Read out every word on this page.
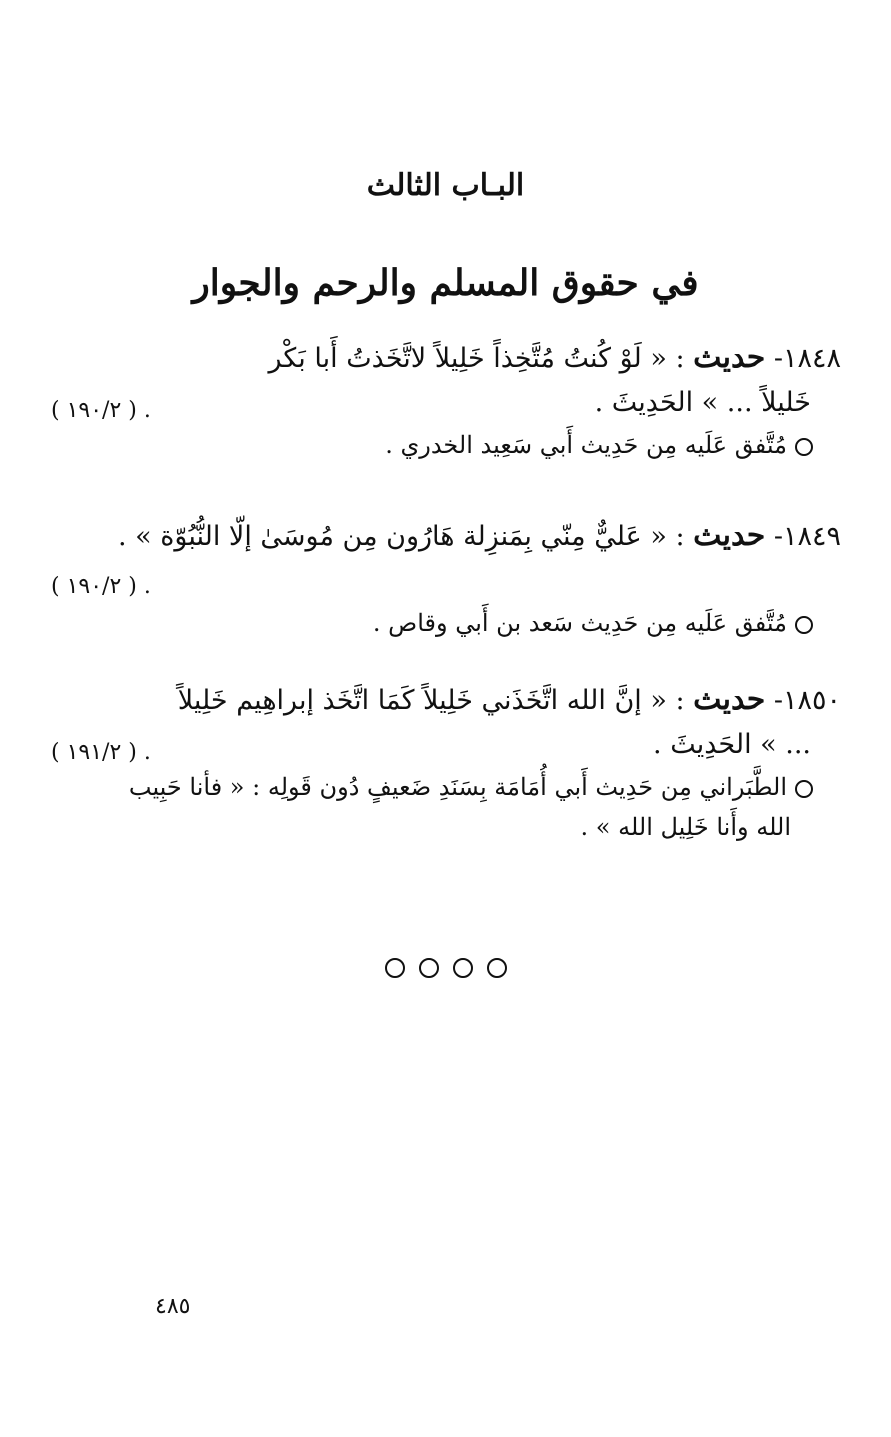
البـاب الثالث
في حقوق المسلم والرحم والجوار
١٨٤٨- حديث : « لَوْ كُنتُ مُتَّخِذاً خَلِيلاً لاتَّخَذتُ أَبا بَكْر
خَليلاً ... » الحَدِيثَ .
( ١٩٠/٢ ) .
مُتَّفق عَلَيه مِن حَدِيث أَبي سَعِيد الخدري .
١٨٤٩- حديث : « عَليٌّ مِنّي بِمَنزِلة هَارُون مِن مُوسَىٰ إلّا النُّبُوّة » .
( ١٩٠/٢ ) .
مُتَّفق عَلَيه مِن حَدِيث سَعد بن أَبي وقاص .
١٨٥٠- حديث : « إنَّ الله اتَّخَذَني خَلِيلاً كَمَا اتَّخَذ إبراهِيم خَلِيلاً
... » الحَدِيثَ .
( ١٩١/٢ ) .
الطَّبَراني مِن حَدِيث أَبي أُمَامَة بِسَنَدِ ضَعيفٍ دُون قَولِه : « فأنا حَبِيب
الله وأَنا خَلِيل الله » .
٤٨٥
